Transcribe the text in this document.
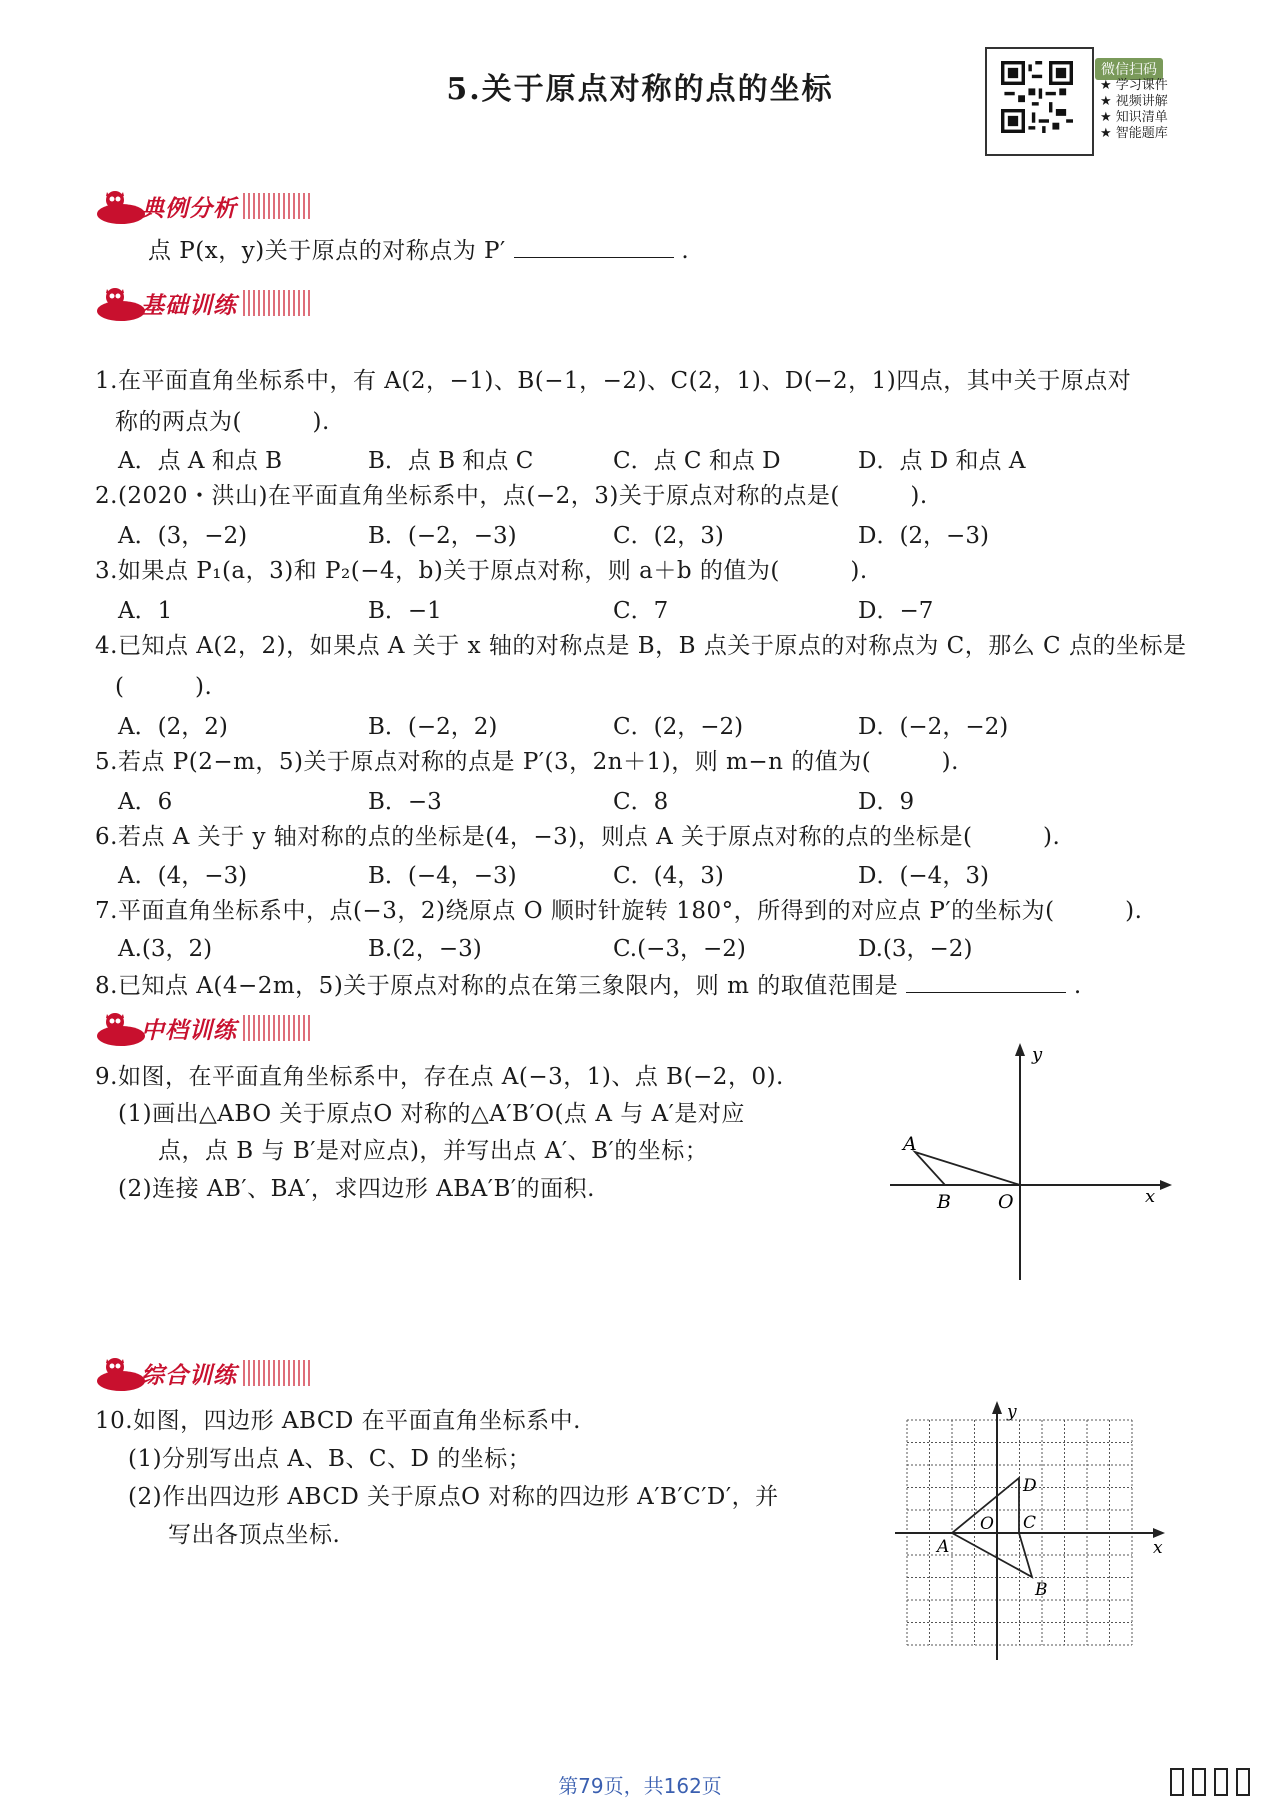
5.关于原点对称的点的坐标
微信扫码
★ 学习课件
★ 视频讲解
★ 知识清单
★ 智能题库
典例分析
点 P(x，y)关于原点的对称点为 P′	.
基础训练
1.在平面直角坐标系中，有 A(2，−1)、B(−1，−2)、C(2，1)、D(−2，1)四点，其中关于原点对
称的两点为(　　　).
A．点 A 和点 B	B．点 B 和点 C	C．点 C 和点 D	D．点 D 和点 A
2.(2020・洪山)在平面直角坐标系中，点(−2，3)关于原点对称的点是(　　　).
A．(3，−2)	B．(−2，−3)	C．(2，3)	D．(2，−3)
3.如果点 P₁(a，3)和 P₂(−4，b)关于原点对称，则 a＋b 的值为(　　　).
A．1	B．−1	C．7	D．−7
4.已知点 A(2，2)，如果点 A 关于 x 轴的对称点是 B，B 点关于原点的对称点为 C，那么 C 点的坐标是
(　　　).
A．(2，2)	B．(−2，2)	C．(2，−2)	D．(−2，−2)
5.若点 P(2−m，5)关于原点对称的点是 P′(3，2n＋1)，则 m−n 的值为(　　　).
A．6	B．−3	C．8	D．9
6.若点 A 关于 y 轴对称的点的坐标是(4，−3)，则点 A 关于原点对称的点的坐标是(　　　).
A．(4，−3)	B．(−4，−3)	C．(4，3)	D．(−4，3)
7.平面直角坐标系中，点(−3，2)绕原点 O 顺时针旋转 180°，所得到的对应点 P′的坐标为(　　　).
A.(3，2)	B.(2，−3)	C.(−3，−2)	D.(3，−2)
8.已知点 A(4−2m，5)关于原点对称的点在第三象限内，则 m 的取值范围是	.
中档训练
9.如图，在平面直角坐标系中，存在点 A(−3，1)、点 B(−2，0).
(1)画出△ABO 关于原点O 对称的△A′B′O(点 A 与 A′是对应
点，点 B 与 B′是对应点)，并写出点 A′、B′的坐标；
(2)连接 AB′、BA′，求四边形 ABA′B′的面积.
y
x
A
B O
综合训练
10.如图，四边形 ABCD 在平面直角坐标系中.
(1)分别写出点 A、B、C、D 的坐标；
(2)作出四边形 ABCD 关于原点O 对称的四边形 A′B′C′D′，并
写出各顶点坐标.
y
x
A
B
C
D
O
第79页，共162页
